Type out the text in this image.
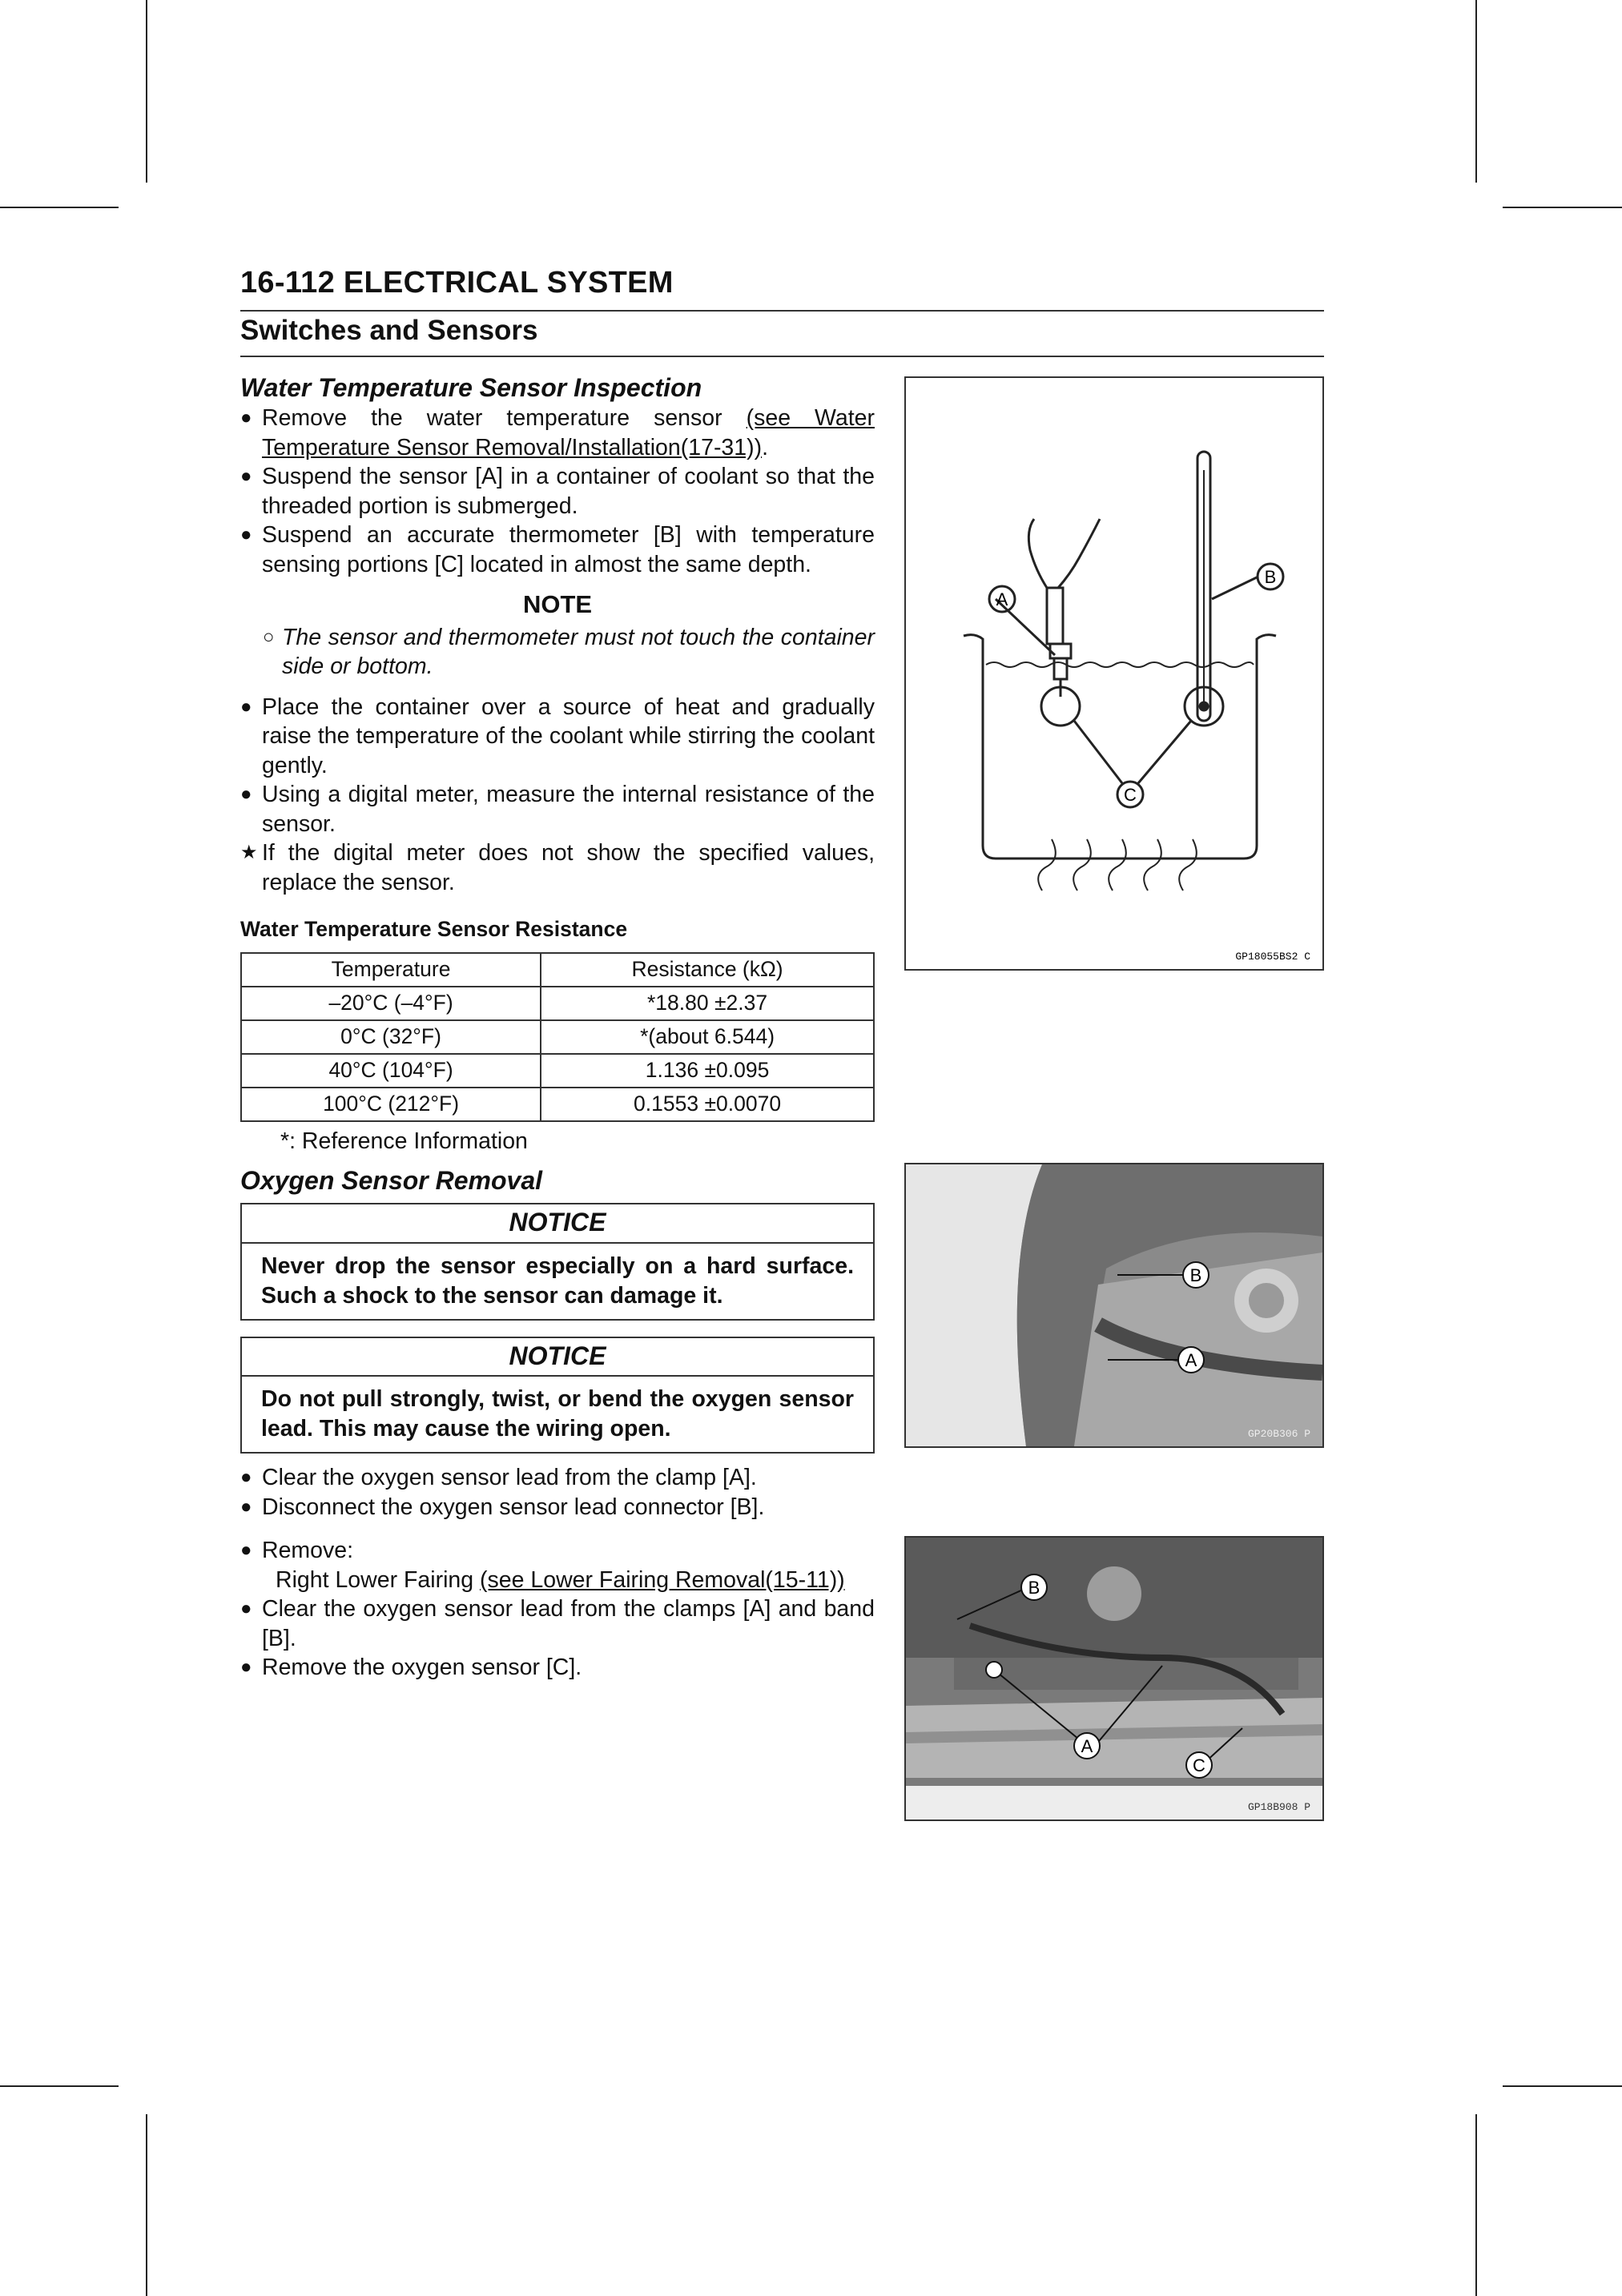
16-112 ELECTRICAL SYSTEM
Switches and Sensors
Water Temperature Sensor Inspection
● Remove the water temperature sensor (see Water Temperature Sensor Removal/Installation(17-31)).
● Suspend the sensor [A] in a container of coolant so that the threaded portion is submerged.
● Suspend an accurate thermometer [B] with temperature sensing portions [C] located in almost the same depth.
NOTE
○ The sensor and thermometer must not touch the container side or bottom.
● Place the container over a source of heat and gradually raise the temperature of the coolant while stirring the coolant gently.
● Using a digital meter, measure the internal resistance of the sensor.
★ If the digital meter does not show the specified values, replace the sensor.
Water Temperature Sensor Resistance
Temperature	Resistance (kΩ)
–20°C (–4°F)	*18.80 ±2.37
0°C (32°F)	*(about 6.544)
40°C (104°F)	1.136 ±0.095
100°C (212°F)	0.1553 ±0.0070
*: Reference Information
Oxygen Sensor Removal
NOTICE
Never drop the sensor especially on a hard surface. Such a shock to the sensor can damage it.
NOTICE
Do not pull strongly, twist, or bend the oxygen sensor lead. This may cause the wiring open.
● Clear the oxygen sensor lead from the clamp [A].
● Disconnect the oxygen sensor lead connector [B].
● Remove:
Right Lower Fairing (see Lower Fairing Removal(15-11))
● Clear the oxygen sensor lead from the clamps [A] and band [B].
● Remove the oxygen sensor [C].
A
B
C
GP18055BS2 C
B
A
GP20B306 P
B
A
C
GP18B908 P
